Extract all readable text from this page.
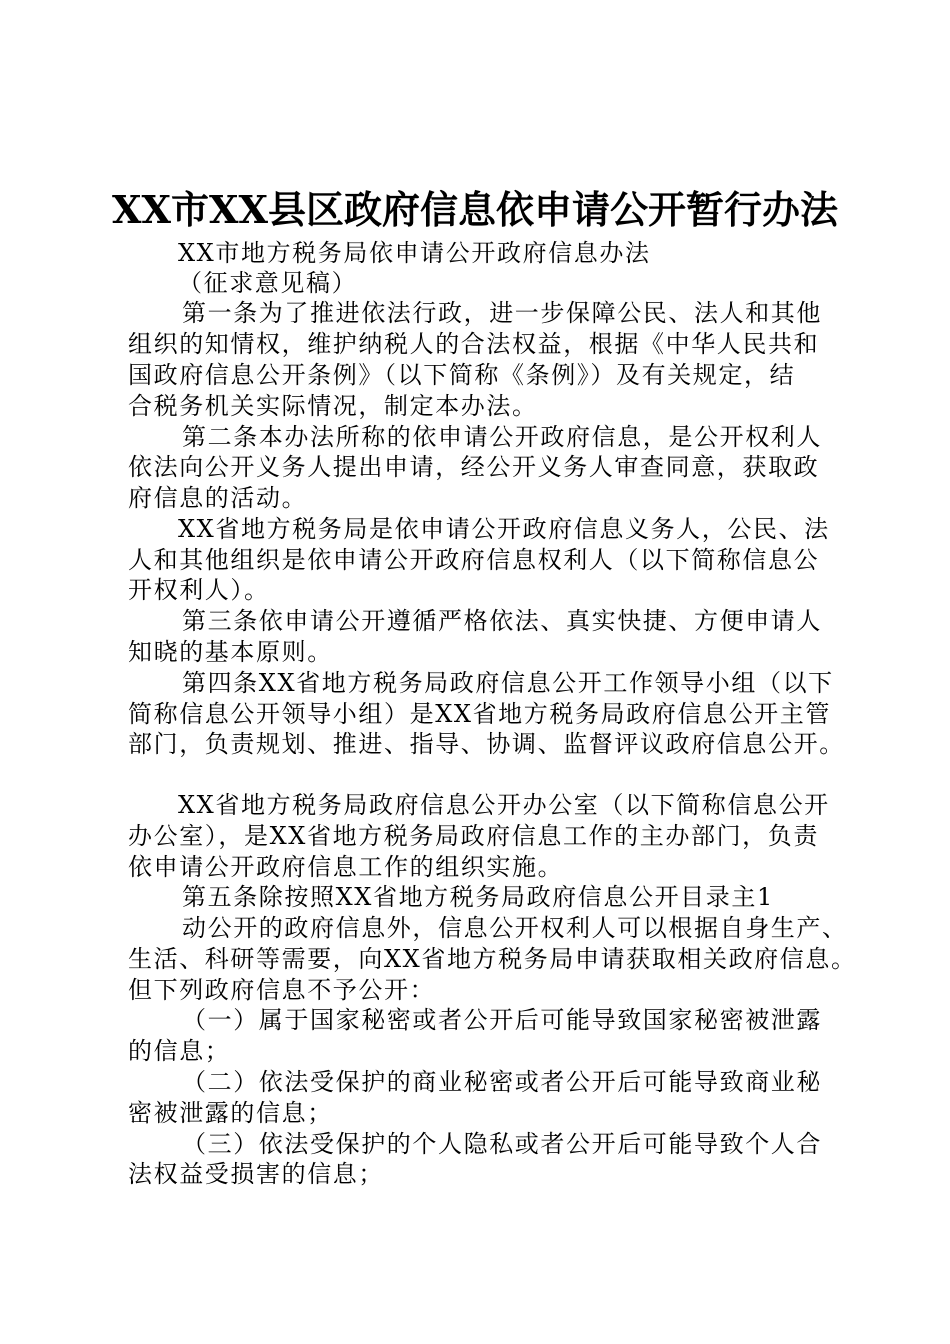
XX市XX县区政府信息依申请公开暂行办法
XX市地方税务局依申请公开政府信息办法
（征求意见稿）
第一条为了推进依法行政，进一步保障公民、法人和其他
组织的知情权，维护纳税人的合法权益，根据《中华人民共和
国政府信息公开条例》（以下简称《条例》）及有关规定，结
合税务机关实际情况，制定本办法。
第二条本办法所称的依申请公开政府信息，是公开权利人
依法向公开义务人提出申请，经公开义务人审查同意，获取政
府信息的活动。
XX省地方税务局是依申请公开政府信息义务人，公民、法
人和其他组织是依申请公开政府信息权利人（以下简称信息公
开权利人）。
第三条依申请公开遵循严格依法、真实快捷、方便申请人
知晓的基本原则。
第四条XX省地方税务局政府信息公开工作领导小组（以下
简称信息公开领导小组）是XX省地方税务局政府信息公开主管
部门，负责规划、推进、指导、协调、监督评议政府信息公开。
XX省地方税务局政府信息公开办公室（以下简称信息公开
办公室），是XX省地方税务局政府信息工作的主办部门，负责
依申请公开政府信息工作的组织实施。
第五条除按照XX省地方税务局政府信息公开目录主1
动公开的政府信息外，信息公开权利人可以根据自身生产、
生活、科研等需要，向XX省地方税务局申请获取相关政府信息。
但下列政府信息不予公开：
（一）属于国家秘密或者公开后可能导致国家秘密被泄露
的信息；
（二）依法受保护的商业秘密或者公开后可能导致商业秘
密被泄露的信息；
（三）依法受保护的个人隐私或者公开后可能导致个人合
法权益受损害的信息；
